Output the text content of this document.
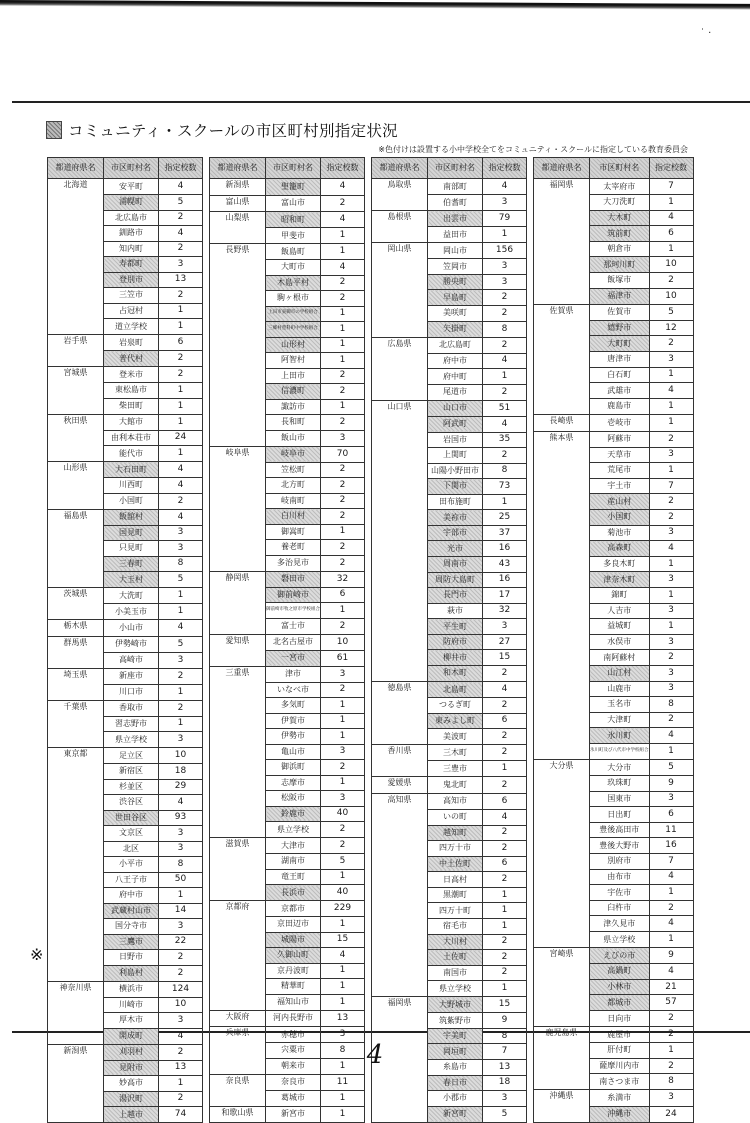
˙ ·
コミュニティ・スクールの市区町村別指定状況
※色付けは設置する小中学校全てをコミュニティ・スクールに指定している教育委員会
都道府県名	市区町村名	指定校数
北海道	安平町	4
	浦幌町	5
	北広島市	2
	釧路市	4
	知内町	2
	寿都町	3
	登別市	13
	三笠市	2
	占冠村	1
	道立学校	1
岩手県	岩泉町	6
	普代村	2
宮城県	登米市	2
	東松島市	1
	柴田町	1
秋田県	大館市	1
	由利本荘市	24
	能代市	1
山形県	大石田町	4
	川西町	4
	小国町	2
福島県	飯舘村	4
	国見町	3
	只見町	3
	三春町	8
	大玉村	5
茨城県	大洗町	1
	小美玉市	1
栃木県	小山市	4
群馬県	伊勢崎市	5
	高崎市	3
埼玉県	新座市	2
	川口市	1
千葉県	香取市	2
	習志野市	1
	県立学校	3
東京都	足立区	10
	新宿区	18
	杉並区	29
	渋谷区	4
	世田谷区	93
	文京区	3
	北区	3
	小平市	8
	八王子市	50
	府中市	1
	武蔵村山市	14
	国分寺市	3
	三鷹市	22
	日野市	2
	利島村	2
神奈川県	横浜市	124
	川崎市	10
	厚木市	3
	開成町	4
新潟県	刈羽村	2
	見附市	13
	妙高市	1
	湯沢町	2
	上越市	74
都道府県名	市区町村名	指定校数
新潟県	聖籠町	4
富山県	富山市	2
山梨県	昭和町	4
	甲斐市	1
長野県	飯島町	1
	大町市	4
	木島平村	2
	駒ヶ根市	2
	上田市東御市の学校組合	1
	三郷村豊科町中学校組合	1
	山形村	1
	阿智村	1
	上田市	2
	信濃町	2
	諏訪市	1
	長和町	2
	飯山市	3
岐阜県	岐阜市	70
	笠松町	2
	北方町	2
	岐南町	2
	白川村	2
	御嵩町	1
	養老町	2
	多治見市	2
静岡県	磐田市	32
	御前崎市	6
	御前崎市牧之原市学校組合	1
	富士市	2
愛知県	北名古屋市	10
	一宮市	61
三重県	津市	3
	いなべ市	2
	多気町	1
	伊賀市	1
	伊勢市	1
	亀山市	3
	御浜町	2
	志摩市	1
	松阪市	3
	鈴鹿市	40
	県立学校	2
滋賀県	大津市	2
	湖南市	5
	竜王町	1
	長浜市	40
京都府	京都市	229
	京田辺市	1
	城陽市	15
	久御山町	4
	京丹波町	1
	精華町	1
	福知山市	1
大阪府	河内長野市	13
兵庫県	赤穂市	3
	宍粟市	8
	朝来市	1
奈良県	奈良市	11
	葛城市	1
和歌山県	新宮市	1
都道府県名	市区町村名	指定校数
鳥取県	南部町	4
	伯耆町	3
島根県	出雲市	79
	益田市	1
岡山県	岡山市	156
	笠岡市	3
	勝央町	3
	早島町	2
	美咲町	2
	矢掛町	8
広島県	北広島町	2
	府中市	4
	府中町	1
	尾道市	2
山口県	山口市	51
	阿武町	4
	岩国市	35
	上関町	2
	山陽小野田市	8
	下関市	73
	田布施町	1
	美祢市	25
	宇部市	37
	光市	16
	周南市	43
	周防大島町	16
	長門市	17
	萩市	32
	平生町	3
	防府市	27
	柳井市	15
	和木町	2
徳島県	北島町	4
	つるぎ町	2
	東みよし町	6
	美波町	2
香川県	三木町	2
	三豊市	1
愛媛県	鬼北町	2
高知県	高知市	6
	いの町	4
	越知町	2
	四万十市	2
	中土佐町	6
	日高村	2
	黒潮町	1
	四万十町	1
	宿毛市	1
	大川村	2
	土佐町	2
	南国市	2
	県立学校	1
福岡県	大野城市	15
	筑紫野市	9
	宇美町	8
	岡垣町	7
	糸島市	13
	春日市	18
	小郡市	3
	新宮町	5
都道府県名	市区町村名	指定校数
福岡県	太宰府市	7
	大刀洗町	1
	大木町	4
	筑前町	6
	朝倉市	1
	那珂川町	10
	飯塚市	2
	福津市	10
佐賀県	佐賀市	5
	嬉野市	12
	大町町	2
	唐津市	3
	白石町	1
	武雄市	4
	鹿島市	1
長崎県	壱岐市	1
熊本県	阿蘇市	2
	天草市	3
	荒尾市	1
	宇土市	7
	産山村	2
	小国町	2
	菊池市	3
	高森町	4
	多良木町	1
	津奈木町	3
	錦町	1
	人吉市	3
	益城町	1
	水俣市	3
	南阿蘇村	2
	山江村	3
	山鹿市	3
	玉名市	8
	大津町	2
	氷川町	4
	氷川町及び八代市中学校組合	1
大分県	大分市	5
	玖珠町	9
	国東市	3
	日出町	6
	豊後高田市	11
	豊後大野市	16
	別府市	7
	由布市	4
	宇佐市	1
	臼杵市	2
	津久見市	4
	県立学校	1
宮崎県	えびの市	9
	高鍋町	4
	小林市	21
	都城市	57
	日向市	2
鹿児島県	鹿屋市	2
	肝付町	1
	薩摩川内市	2
	南さつま市	8
沖縄県	糸満市	3
	沖縄市	24
※
4
